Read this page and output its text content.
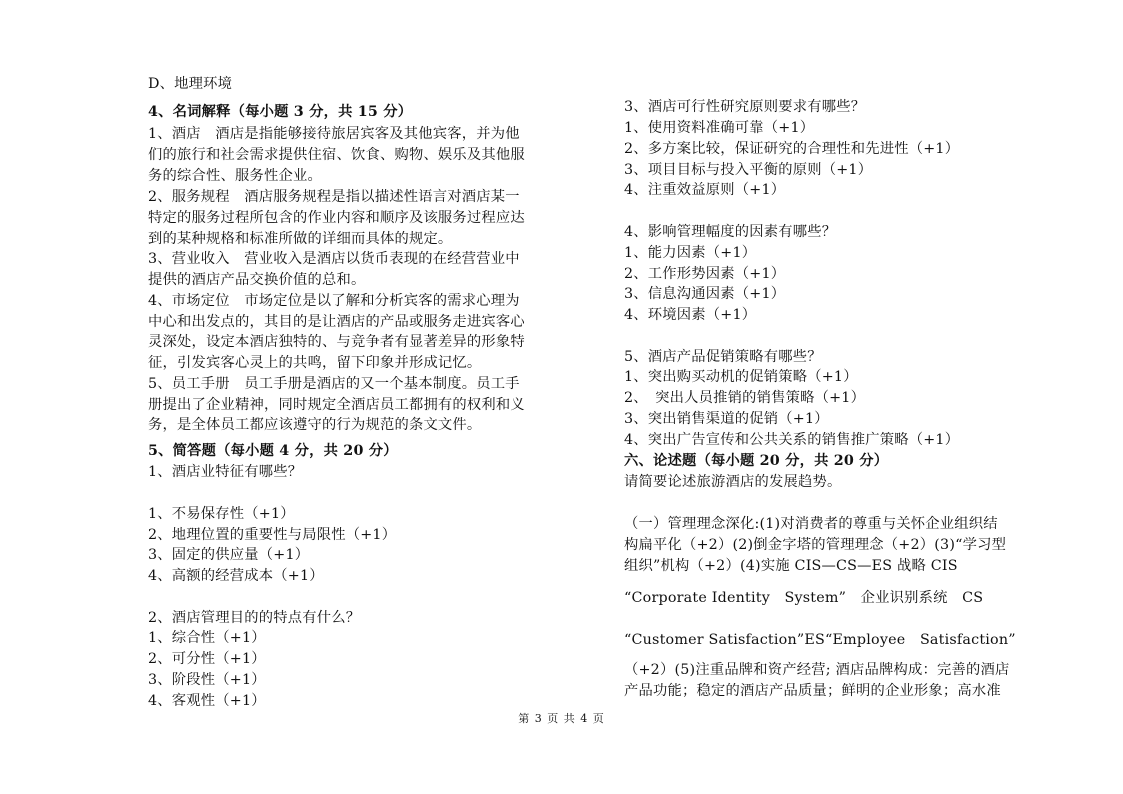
D、地理环境
4、名词解释（每小题 3 分，共 15 分）
1、酒店　酒店是指能够接待旅居宾客及其他宾客，并为他
们的旅行和社会需求提供住宿、饮食、购物、娱乐及其他服
务的综合性、服务性企业。
2、服务规程　酒店服务规程是指以描述性语言对酒店某一
特定的服务过程所包含的作业内容和顺序及该服务过程应达
到的某种规格和标准所做的详细而具体的规定。
3、营业收入　营业收入是酒店以货币表现的在经营营业中
提供的酒店产品交换价值的总和。
4、市场定位　市场定位是以了解和分析宾客的需求心理为
中心和出发点的，其目的是让酒店的产品或服务走进宾客心
灵深处，设定本酒店独特的、与竞争者有显著差异的形象特
征，引发宾客心灵上的共鸣，留下印象并形成记忆。
5、员工手册　员工手册是酒店的又一个基本制度。员工手
册提出了企业精神，同时规定全酒店员工都拥有的权利和义
务，是全体员工都应该遵守的行为规范的条文文件。
5、简答题（每小题 4 分，共 20 分）
1、酒店业特征有哪些？
1、不易保存性（+1）
2、地理位置的重要性与局限性（+1）
3、固定的供应量（+1）
4、高额的经营成本（+1）
2、酒店管理目的的特点有什么？
1、综合性（+1）
2、可分性（+1）
3、阶段性（+1）
4、客观性（+1）
3、酒店可行性研究原则要求有哪些？
1、使用资料准确可靠（+1）
2、多方案比较，保证研究的合理性和先进性（+1）
3、项目目标与投入平衡的原则（+1）
4、注重效益原则（+1）
4、影响管理幅度的因素有哪些？
1、能力因素（+1）
2、工作形势因素（+1）
3、信息沟通因素（+1）
4、环境因素（+1）
5、酒店产品促销策略有哪些？
1、突出购买动机的促销策略（+1）
2、　突出人员推销的销售策略（+1）
3、突出销售渠道的促销（+1）
4、突出广告宣传和公共关系的销售推广策略（+1）
六、论述题（每小题 20 分，共 20 分）
请简要论述旅游酒店的发展趋势。
（一）管理理念深化:(1)对消费者的尊重与关怀企业组织结
构扁平化（+2）(2)倒金字塔的管理理念（+2）(3)“学习型
组织”机构（+2）(4)实施 CIS—CS—ES 战略 CIS
“Corporate Identity　System”　企业识别系统　CS
“Customer Satisfaction”ES“Employee　Satisfaction”
（+2）(5)注重品牌和资产经营; 酒店品牌构成：完善的酒店
产品功能；稳定的酒店产品质量；鲜明的企业形象；高水准
第 3 页 共 4 页
